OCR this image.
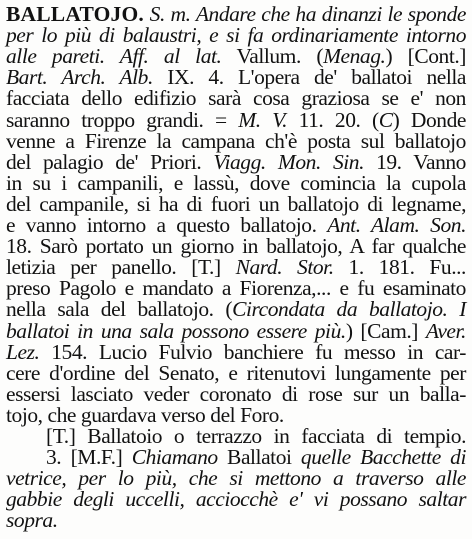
BALLATOJO. S. m. Andare che ha dinanzi le sponde
per lo più di balaustri, e si fa ordinariamente intorno
alle pareti. Aff. al lat. Vallum. (Menag.) [Cont.]
Bart. Arch. Alb. IX. 4. L'opera de' ballatoi nella
facciata dello edifizio sarà cosa graziosa se e' non
saranno troppo grandi. = M. V. 11. 20. (C) Donde
venne a Firenze la campana ch'è posta sul ballatojo
del palagio de' Priori. Viagg. Mon. Sin. 19. Vanno
in su i campanili, e lassù, dove comincia la cupola
del campanile, si ha di fuori un ballatojo di legname,
e vanno intorno a questo ballatojo. Ant. Alam. Son.
18. Sarò portato un giorno in ballatojo, A far qualche
letizia per panello. [T.] Nard. Stor. 1. 181. Fu...
preso Pagolo e mandato a Fiorenza,... e fu esaminato
nella sala del ballatojo. (Circondata da ballatojo. I
ballatoi in una sala possono essere più.) [Cam.] Aver.
Lez. 154. Lucio Fulvio banchiere fu messo in car-
cere d'ordine del Senato, e ritenutovi lungamente per
essersi lasciato veder coronato di rose sur un balla-
tojo, che guardava verso del Foro.
[T.] Ballatoio o terrazzo in facciata di tempio.
3. [M.F.] Chiamano Ballatoi quelle Bacchette di
vetrice, per lo più, che si mettono a traverso alle
gabbie degli uccelli, acciocchè e' vi possano saltar
sopra.
